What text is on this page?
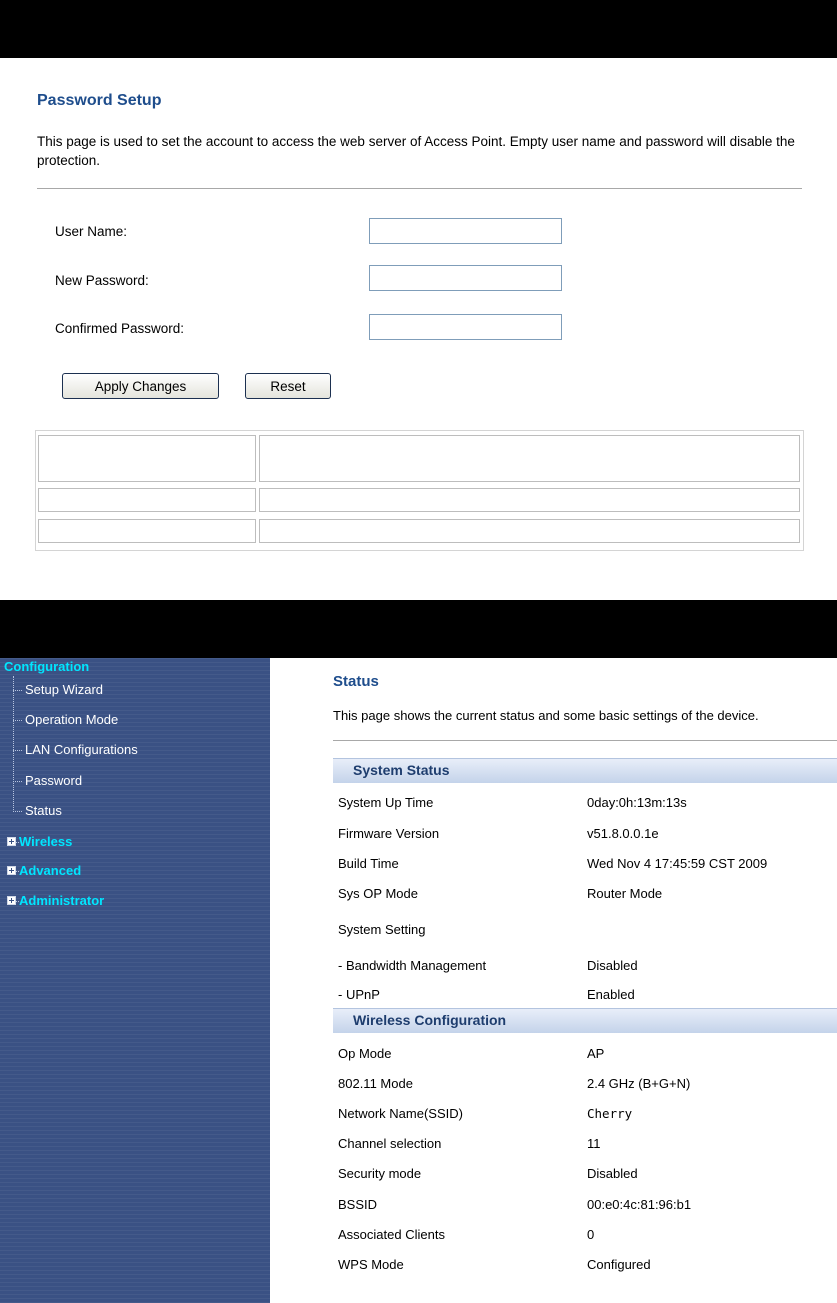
Password Setup
This page is used to set the account to access the web server of Access Point. Empty user name and password will disable the protection.
User Name:
New Password:
Confirmed Password:
Apply Changes	Reset
Configuration
Setup Wizard
Operation Mode
LAN Configurations
Password
Status
Wireless
Advanced
Administrator
Status
This page shows the current status and some basic settings of the device.
System Status
System Up Time	0day:0h:13m:13s
Firmware Version	v51.8.0.0.1e
Build Time	Wed Nov 4 17:45:59 CST 2009
Sys OP Mode	Router Mode
System Setting
- Bandwidth Management	Disabled
- UPnP	Enabled
Wireless Configuration
Op Mode	AP
802.11 Mode	2.4 GHz (B+G+N)
Network Name(SSID)	Cherry
Channel selection	11
Security mode	Disabled
BSSID	00:e0:4c:81:96:b1
Associated Clients	0
WPS Mode	Configured
